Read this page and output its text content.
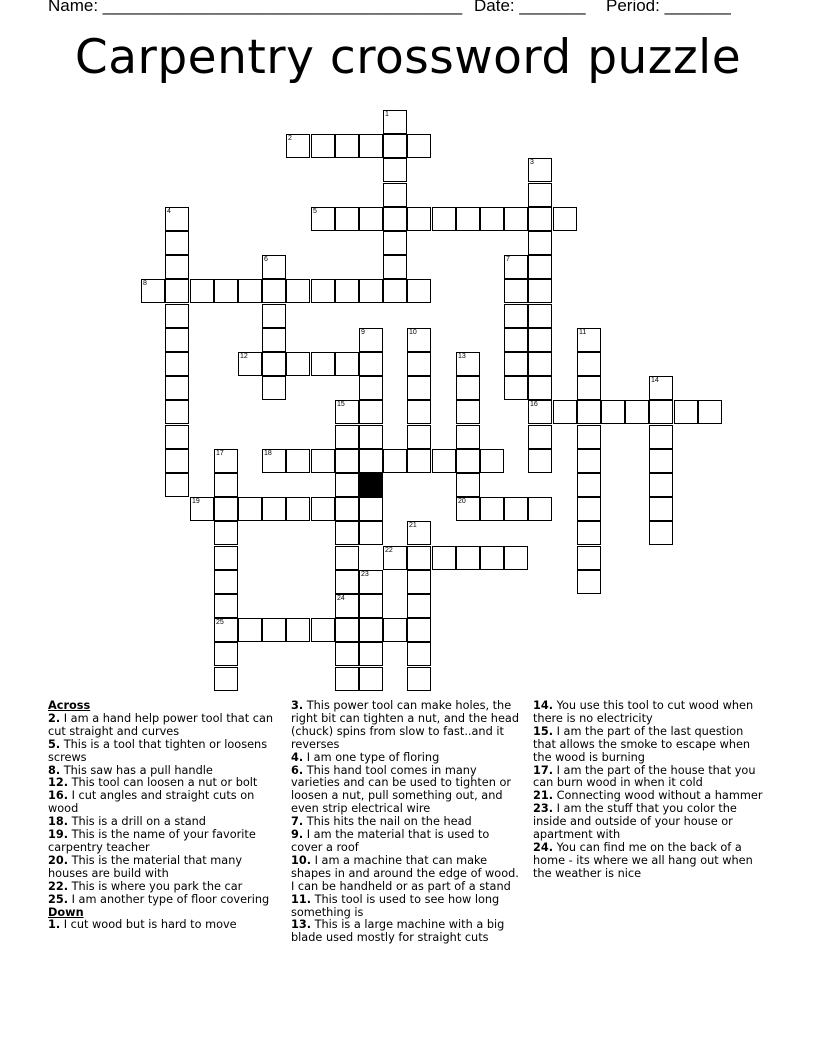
Name: ______________________________________ Date: _______ Period: _______
Carpentry crossword puzzle
1
2
3
16
4	5
6	7
8
9	10	11
12	13
20
14
15
17
25
18
19
21
22
23
24
Across
2. I am a hand help power tool that can cut straight and curves
5. This is a tool that tighten or loosens screws
8. This saw has a pull handle
12. This tool can loosen a nut or bolt
16. I cut angles and straight cuts on wood
18. This is a drill on a stand
19. This is the name of your favorite carpentry teacher
20. This is the material that many houses are build with
22. This is where you park the car
25. I am another type of floor covering
Down
1. I cut wood but is hard to move
3. This power tool can make holes, the right bit can tighten a nut, and the head (chuck) spins from slow to fast..and it reverses
4. I am one type of floring
6. This hand tool comes in many varieties and can be used to tighten or loosen a nut, pull something out, and even strip electrical wire
7. This hits the nail on the head
9. I am the material that is used to cover a roof
10. I am a machine that can make shapes in and around the edge of wood. I can be handheld or as part of a stand
11. This tool is used to see how long something is
13. This is a large machine with a big blade used mostly for straight cuts
14. You use this tool to cut wood when there is no electricity
15. I am the part of the last question that allows the smoke to escape when the wood is burning
17. I am the part of the house that you can burn wood in when it cold
21. Connecting wood without a hammer
23. I am the stuff that you color the inside and outside of your house or apartment with
24. You can find me on the back of a home - its where we all hang out when the weather is nice
